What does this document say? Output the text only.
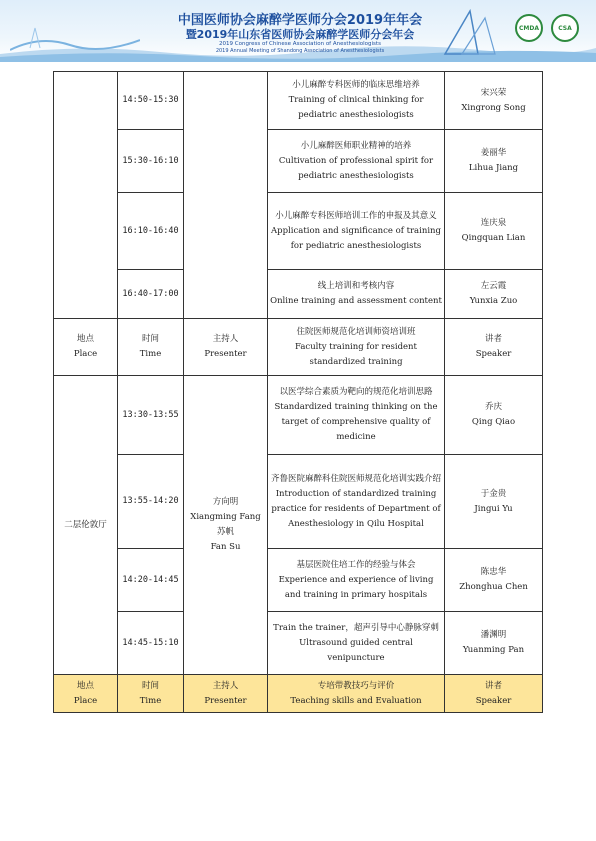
中国医师协会麻醉学医师分会2019年年会
暨2019年山东省医师协会麻醉学医师分会年会
2019 Congress of Chinese Association of Anesthesiologists
2019 Annual Meeting of Shandong Association of Anesthesiologists
CMDA	CSA
	14:50-15:30		小儿麻醉专科医师的临床思维培养
Training of clinical thinking for pediatric anesthesiologists	宋兴荣
Xingrong Song

	15:30-16:10		小儿麻醉医师职业精神的培养
Cultivation of professional spirit for pediatric anesthesiologists	姜丽华
Lihua Jiang

	16:10-16:40		小儿麻醉专科医师培训工作的申报及其意义
Application and significance of training for pediatric anesthesiologists	连庆泉
Qingquan Lian

	16:40-17:00		线上培训和考核内容
Online training and assessment content	左云霞
Yunxia Zuo

地点
Place	时间
Time	主持人
Presenter	住院医师规范化培训师资培训班
Faculty training for resident standardized training	讲者
Speaker

二层伦敦厅	13:30-13:55	方向明
Xiangming Fang
苏帆
Fan Su	以医学综合素质为靶向的规范化培训思路
Standardized training thinking on the target of comprehensive quality of medicine	乔庆
Qing Qiao

	13:55-14:20		齐鲁医院麻醉科住院医师规范化培训实践介绍
Introduction of standardized training practice for residents of Department of Anesthesiology in Qilu Hospital	于金贵
Jingui Yu

	14:20-14:45		基层医院住培工作的经验与体会
Experience and experience of living and training in primary hospitals	陈忠华
Zhonghua Chen

	14:45-15:10		Train the trainer，超声引导中心静脉穿刺
Ultrasound guided central venipuncture	潘渊明
Yuanming Pan

地点
Place	时间
Time	主持人
Presenter	专培带教技巧与评价
Teaching skills and Evaluation	讲者
Speaker
